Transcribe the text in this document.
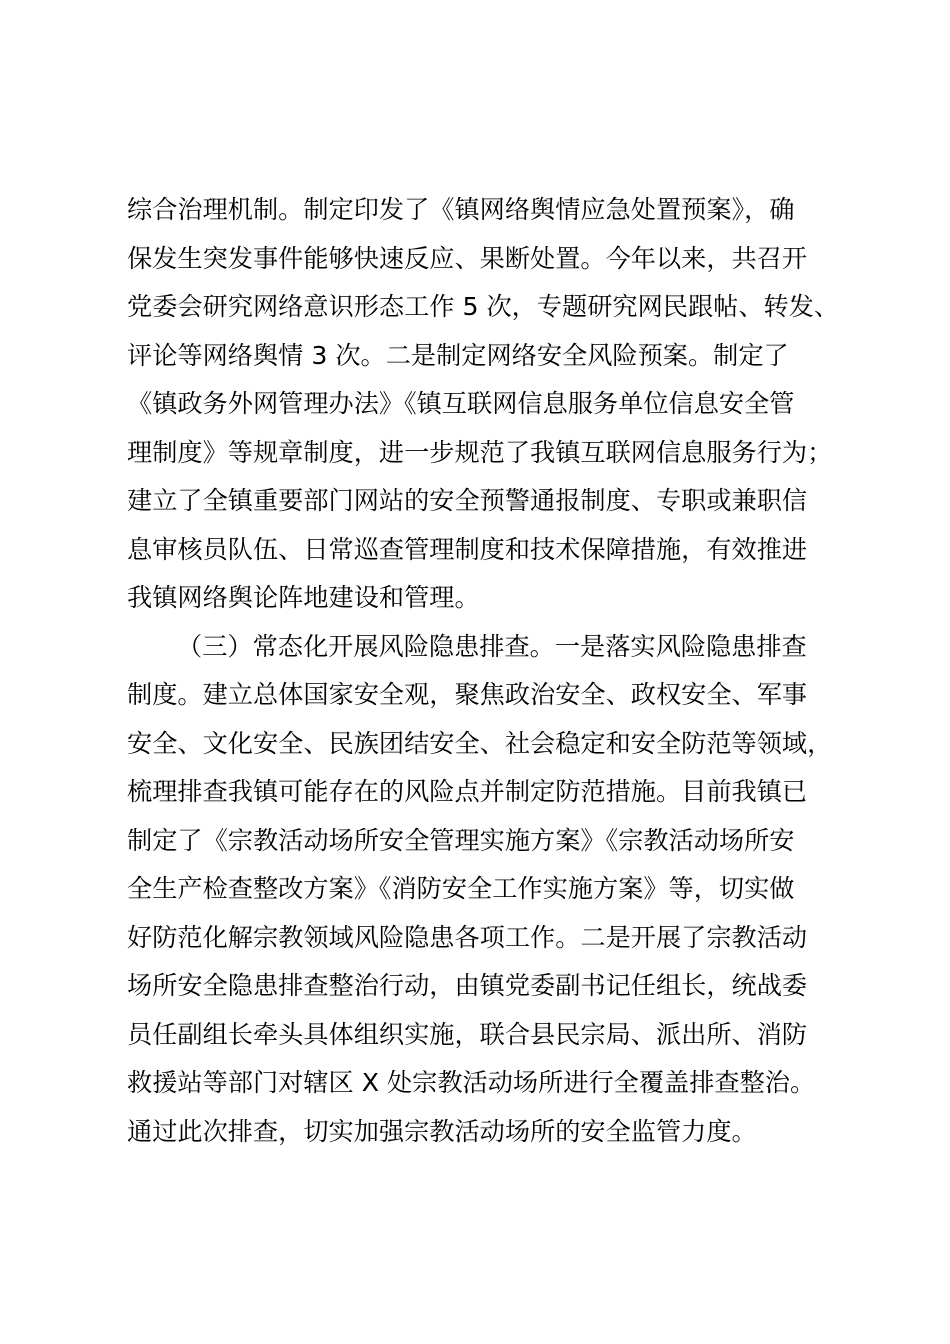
综合治理机制。制定印发了《镇网络舆情应急处置预案》，确
保发生突发事件能够快速反应、果断处置。今年以来，共召开
党委会研究网络意识形态工作 5 次，专题研究网民跟帖、转发、
评论等网络舆情 3 次。二是制定网络安全风险预案。制定了
《镇政务外网管理办法》《镇互联网信息服务单位信息安全管
理制度》等规章制度，进一步规范了我镇互联网信息服务行为；
建立了全镇重要部门网站的安全预警通报制度、专职或兼职信
息审核员队伍、日常巡查管理制度和技术保障措施，有效推进
我镇网络舆论阵地建设和管理。
（三）常态化开展风险隐患排查。一是落实风险隐患排查
制度。建立总体国家安全观，聚焦政治安全、政权安全、军事
安全、文化安全、民族团结安全、社会稳定和安全防范等领域，
梳理排查我镇可能存在的风险点并制定防范措施。目前我镇已
制定了《宗教活动场所安全管理实施方案》《宗教活动场所安
全生产检查整改方案》《消防安全工作实施方案》等，切实做
好防范化解宗教领域风险隐患各项工作。二是开展了宗教活动
场所安全隐患排查整治行动，由镇党委副书记任组长，统战委
员任副组长牵头具体组织实施，联合县民宗局、派出所、消防
救援站等部门对辖区 X 处宗教活动场所进行全覆盖排查整治。
通过此次排查，切实加强宗教活动场所的安全监管力度。
